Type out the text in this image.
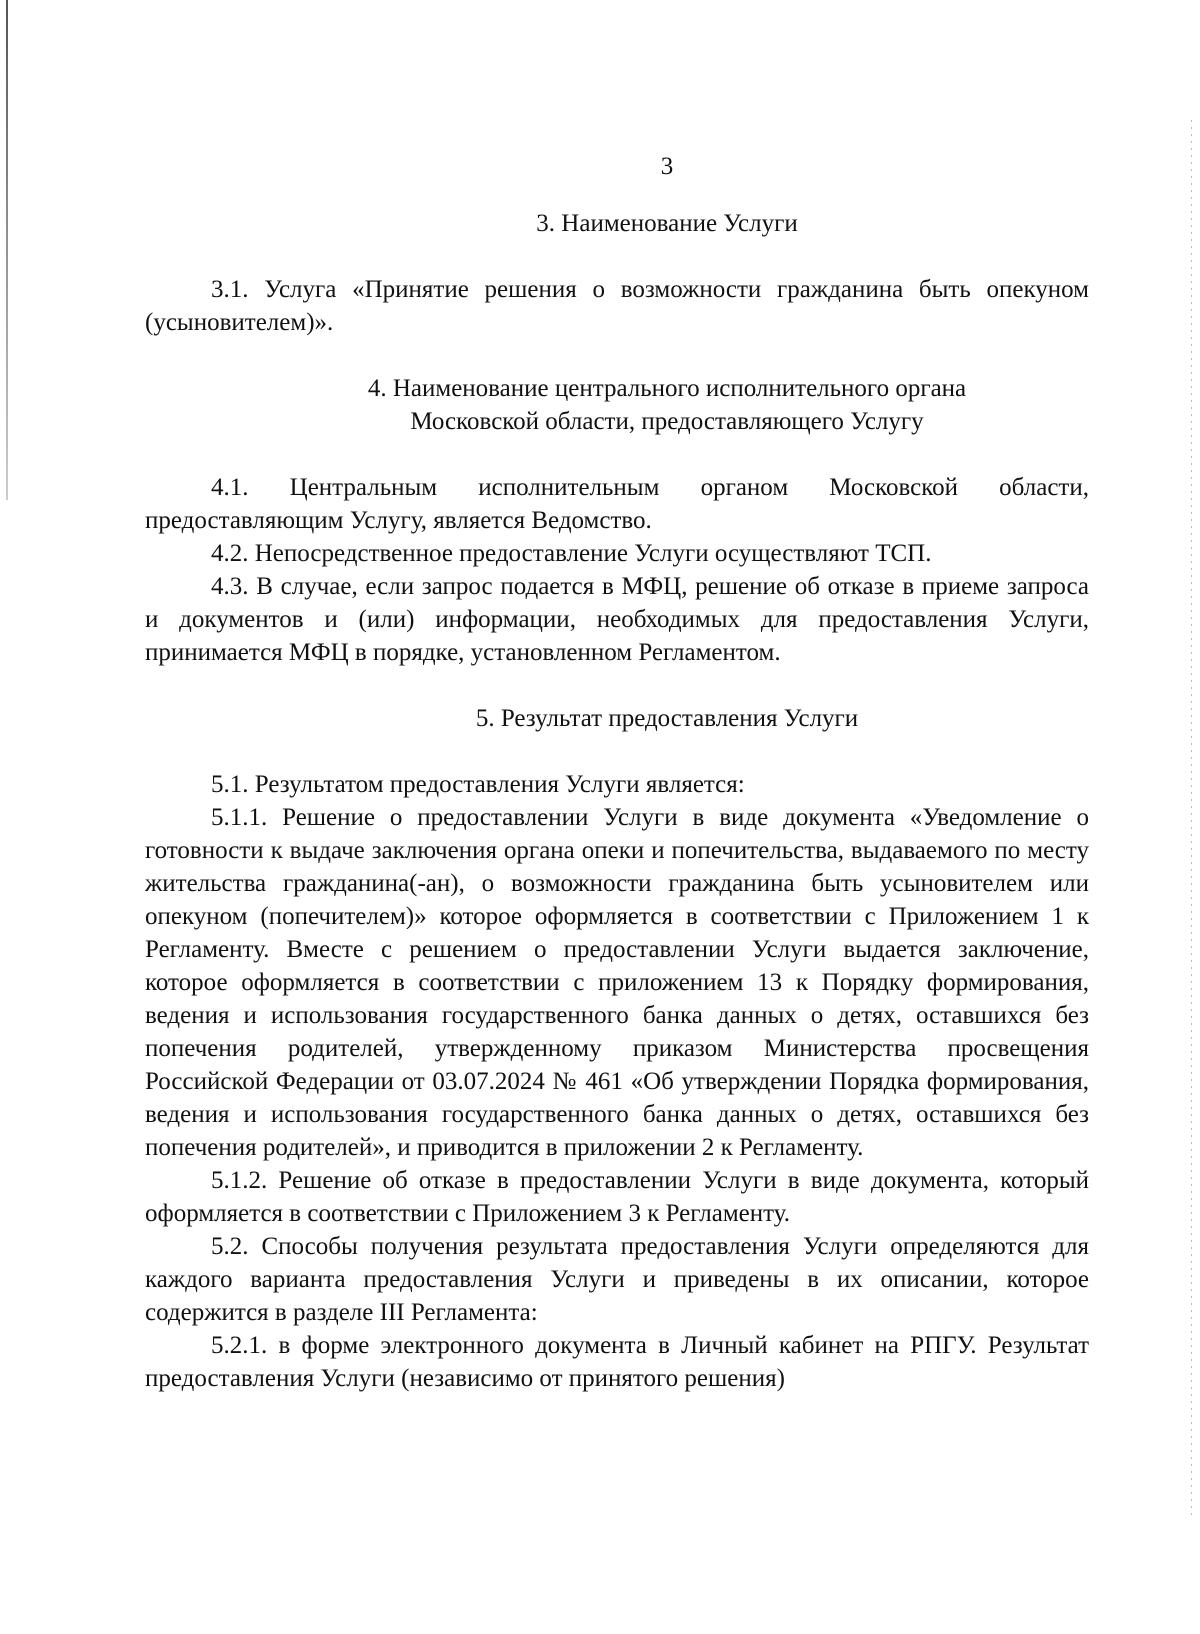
3
3. Наименование Услуги

3.1. Услуга «Принятие решения о возможности гражданина быть опекуном (усыновителем)».

4. Наименование центрального исполнительного органа
Московской области, предоставляющего Услугу

4.1. Центральным исполнительным органом Московской области, предоставляющим Услугу, является Ведомство.

4.2. Непосредственное предоставление Услуги осуществляют ТСП.

4.3. В случае, если запрос подается в МФЦ, решение об отказе в приеме запроса и документов и (или) информации, необходимых для предоставления Услуги, принимается МФЦ в порядке, установленном Регламентом.

5. Результат предоставления Услуги

5.1. Результатом предоставления Услуги является:

5.1.1. Решение о предоставлении Услуги в виде документа «Уведомление о готовности к выдаче заключения органа опеки и попечительства, выдаваемого по месту жительства гражданина(-ан), о возможности гражданина быть усыновителем или опекуном (попечителем)» которое оформляется в соответствии с Приложением 1 к Регламенту. Вместе с решением о предоставлении Услуги выдается заключение, которое оформляется в соответствии с приложением 13 к Порядку формирования, ведения и использования государственного банка данных о детях, оставшихся без попечения родителей, утвержденному приказом Министерства просвещения Российской Федерации от 03.07.2024 № 461 «Об утверждении Порядка формирования, ведения и использования государственного банка данных о детях, оставшихся без попечения родителей», и приводится в приложении 2 к Регламенту.

5.1.2. Решение об отказе в предоставлении Услуги в виде документа, который оформляется в соответствии с Приложением 3 к Регламенту.

5.2. Способы получения результата предоставления Услуги определяются для каждого варианта предоставления Услуги и приведены в их описании, которое содержится в разделе III Регламента:

5.2.1. в форме электронного документа в Личный кабинет на РПГУ. Результат предоставления Услуги (независимо от принятого решения)
